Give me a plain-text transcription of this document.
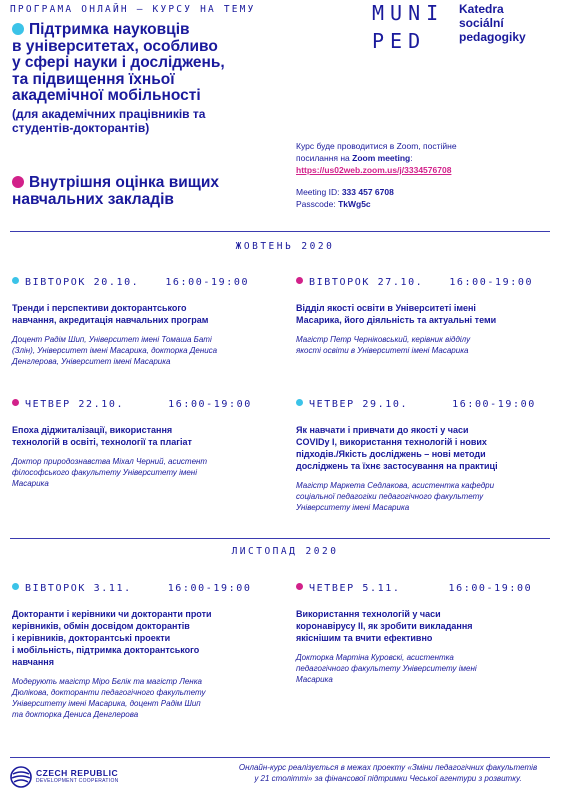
ПРОГРАМА ОНЛАЙН – КУРСУ НА ТЕМУ
Підтримка науковців
в університетах, особливо
у сфері науки і досліджень,
та підвищення їхньої
академічної мобільності
(для академічних працівників та
студентів-докторантів)
Внутрішня оцінка вищих
навчальних закладів
MUNI
PED
Katedra
sociální
pedagogiky
Курс буде проводитися в Zoom, постійне
посилання на Zoom meeting:
https://us02web.zoom.us/j/3334576708
Meeting ID: 333 457 6708
Passcode: TkWg5c
ЖОВТЕНЬ 2020
ВІВТОРОК 20.10.	16:00-19:00
Тренди і перспективи докторантського
навчання, акредитація навчальних програм
Доцент Радім Шип, Університет імені Томаша Баті
(Злін), Університет імені Масарика, докторка Дениса
Денглерова, Університет імені Масарика
ВІВТОРОК 27.10.	16:00-19:00
Відділ якості освіти в Університеті імені
Масарика, його діяльність та актуальні теми
Магістр Петр Черніковський, керівник відділу
якості освіти в Університеті імені Масарика
ЧЕТВЕР 22.10.	16:00-19:00
Епоха діджиталізації, використання
технологій в освіті, технології та плагіат
Доктор природознавства Міхал Черний, асистент
філософського факультету Університету імені
Масарика
ЧЕТВЕР 29.10.	16:00-19:00
Як навчати і привчати до якості у часи
COVIDу І, використання технологій і нових
підходів./Якість досліджень – нові методи
досліджень та їхнє застосування на практиці
Магістр Маркета Седлакова, асистентка кафедри
соціальної педагогіки педагогічного факультету
Університету імені Масарика
ЛИСТОПАД 2020
ВІВТОРОК 3.11.	16:00-19:00
Докторанти і керівники чи докторанти проти
керівників, обмін досвідом докторантів
і керівників, докторантські проекти
і мобільність, підтримка докторантського
навчання
Модерують магістр Міро Бєлік та магістр Ленка
Дюлікова, докторанти педагогічного факультету
Університету імені Масарика, доцент Радім Шип
та докторка Дениса Денглерова
ЧЕТВЕР 5.11.	16:00-19:00
Використання технологій у часи
коронавірусу ІІ, як зробити викладання
якіснішим та вчити ефективно
Докторка Мартіна Куровскі, асистентка
педагогічного факультету Університету імені
Масарика
CZECH REPUBLIC
DEVELOPMENT COOPERATION
Онлайн-курс реалізується в межах проекту «Зміни педагогічних факультетів
у 21 столітті» за фінансової підтримки Чеської агентури з розвитку.
